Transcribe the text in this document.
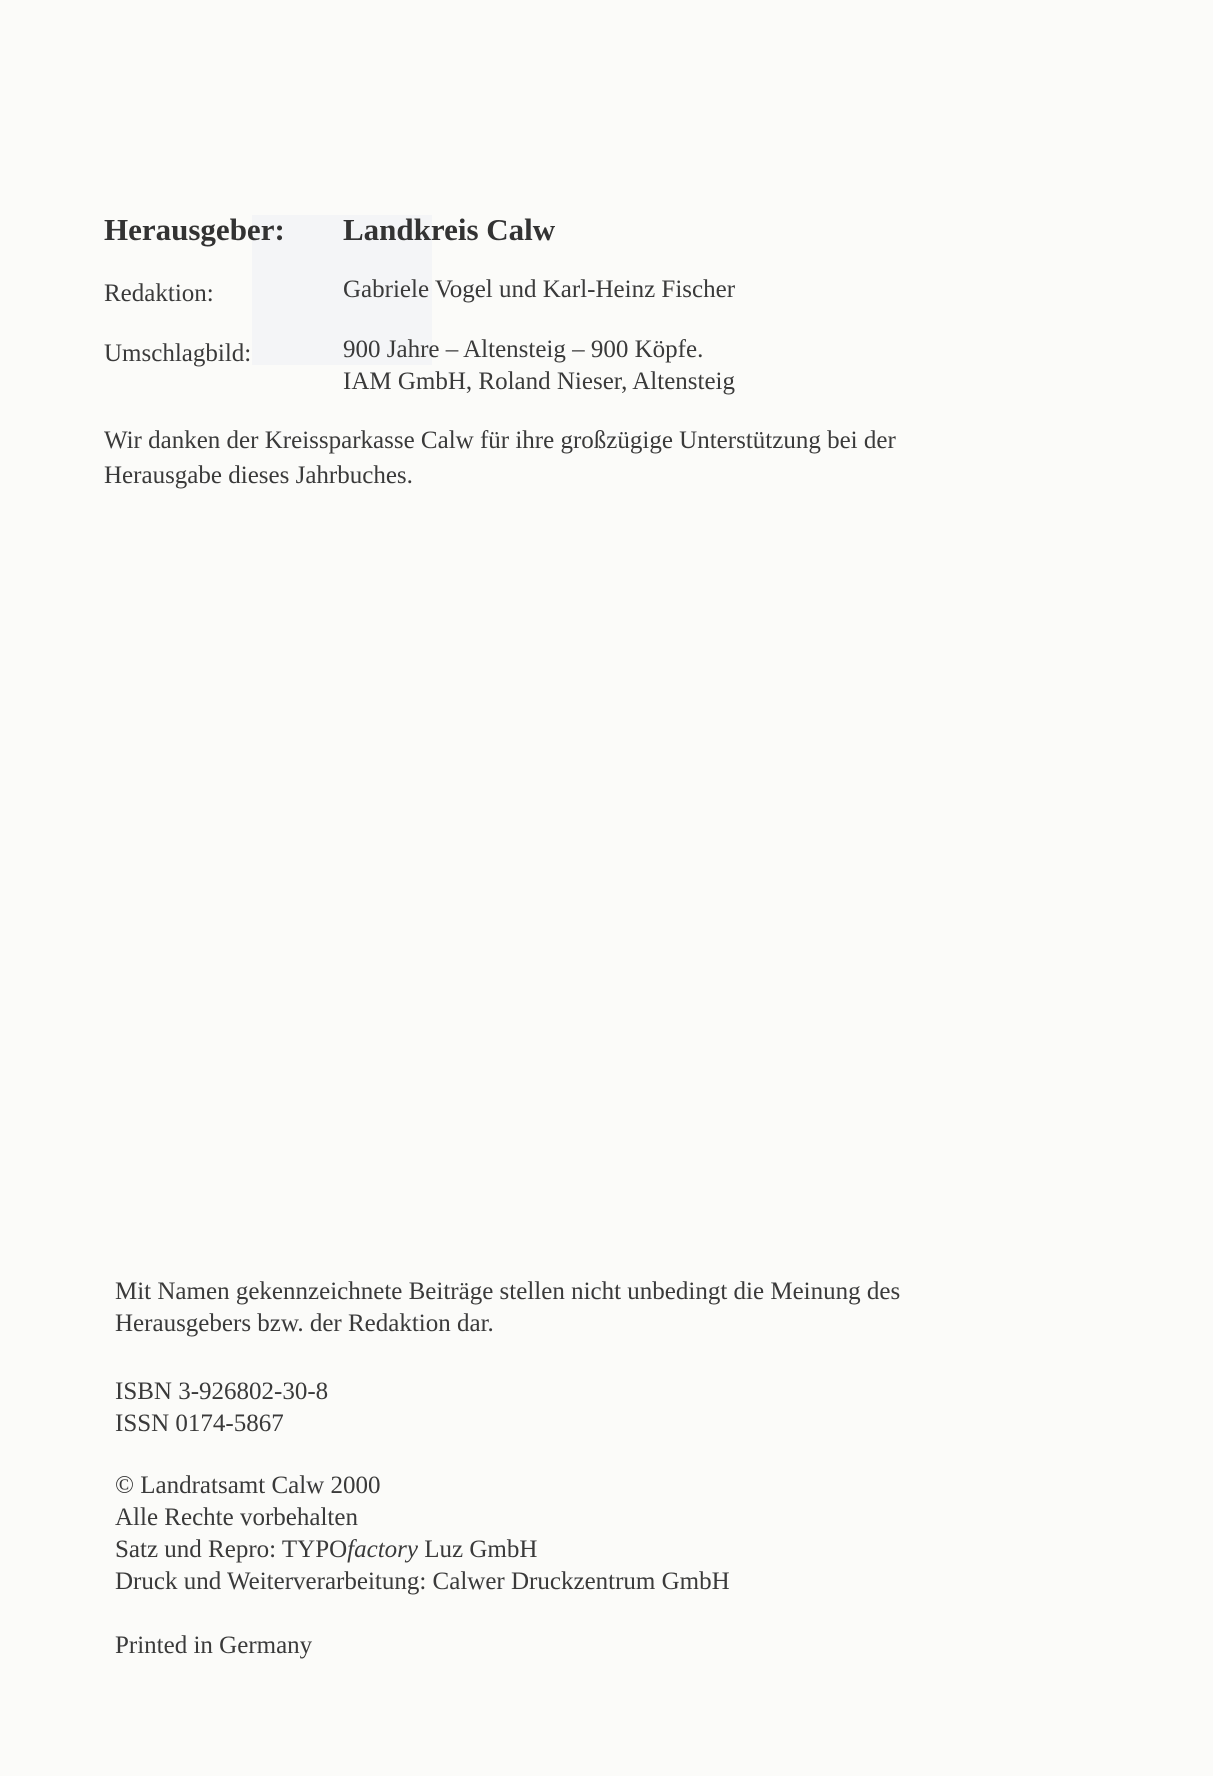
Herausgeber: Landkreis Calw
Redaktion:	Gabriele Vogel und Karl-Heinz Fischer
Umschlagbild:	900 Jahre – Altensteig – 900 Köpfe.
IAM GmbH, Roland Nieser, Altensteig
Wir danken der Kreissparkasse Calw für ihre großzügige Unterstützung bei der
Herausgabe dieses Jahrbuches.

Mit Namen gekennzeichnete Beiträge stellen nicht unbedingt die Meinung des

Herausgebers bzw. der Redaktion dar.

ISBN 3-926802-30-8

ISSN 0174-5867

© Landratsamt Calw 2000

Alle Rechte vorbehalten

Satz und Repro: TYPOfactory Luz GmbH

Druck und Weiterverarbeitung: Calwer Druckzentrum GmbH

Printed in Germany
